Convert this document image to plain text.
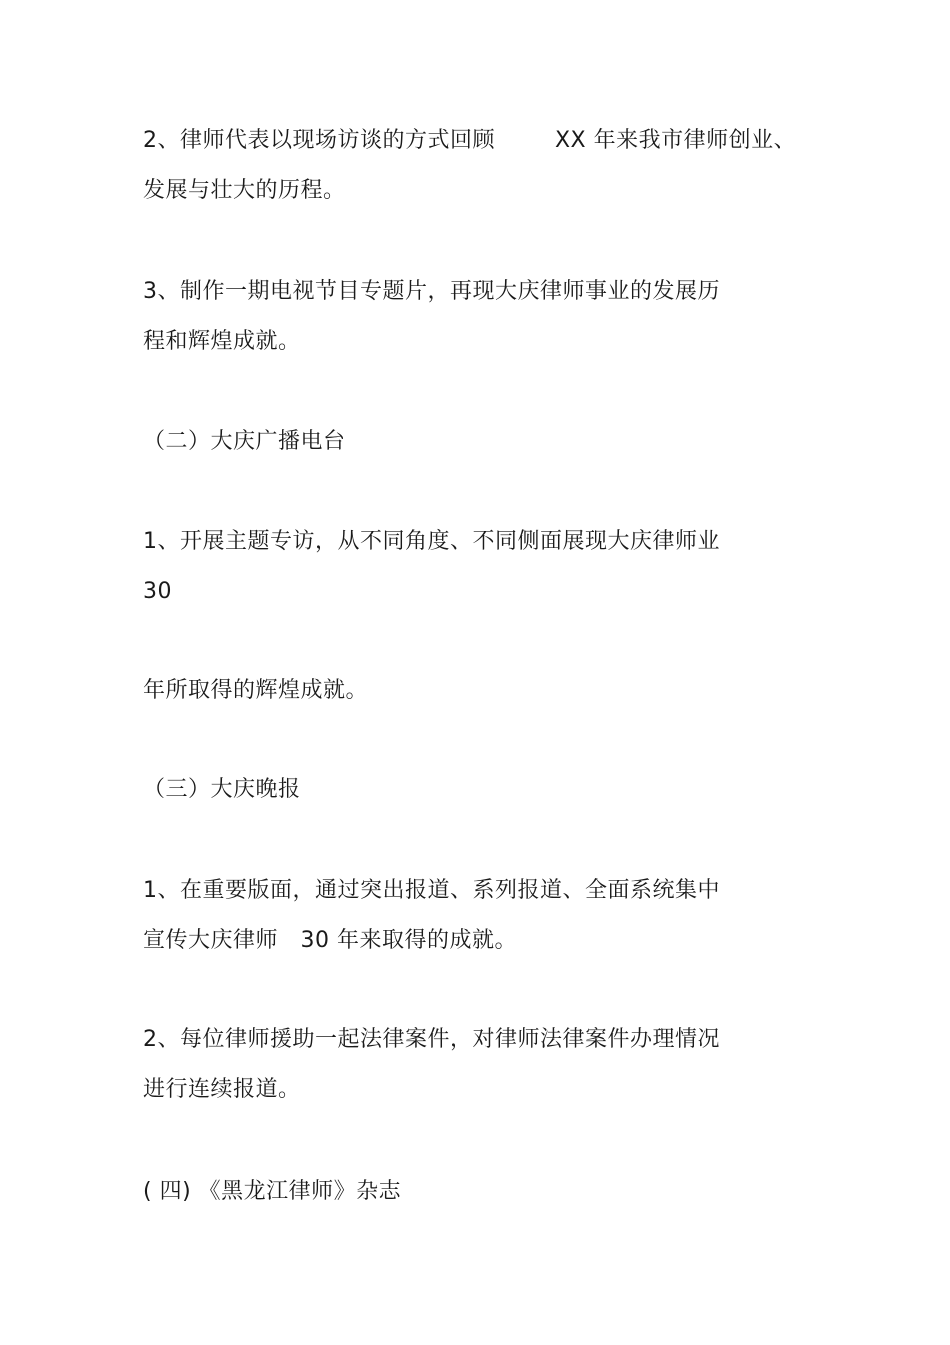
2、律师代表以现场访谈的方式回顾        XX 年来我市律师创业、
发展与壮大的历程。
3、制作一期电视节目专题片，再现大庆律师事业的发展历
程和辉煌成就。
（二）大庆广播电台
1、开展主题专访，从不同角度、不同侧面展现大庆律师业
30
年所取得的辉煌成就。
（三）大庆晚报
1、在重要版面，通过突出报道、系列报道、全面系统集中
宣传大庆律师   30 年来取得的成就。
2、每位律师援助一起法律案件，对律师法律案件办理情况
进行连续报道。
( 四) 《黑龙江律师》杂志
